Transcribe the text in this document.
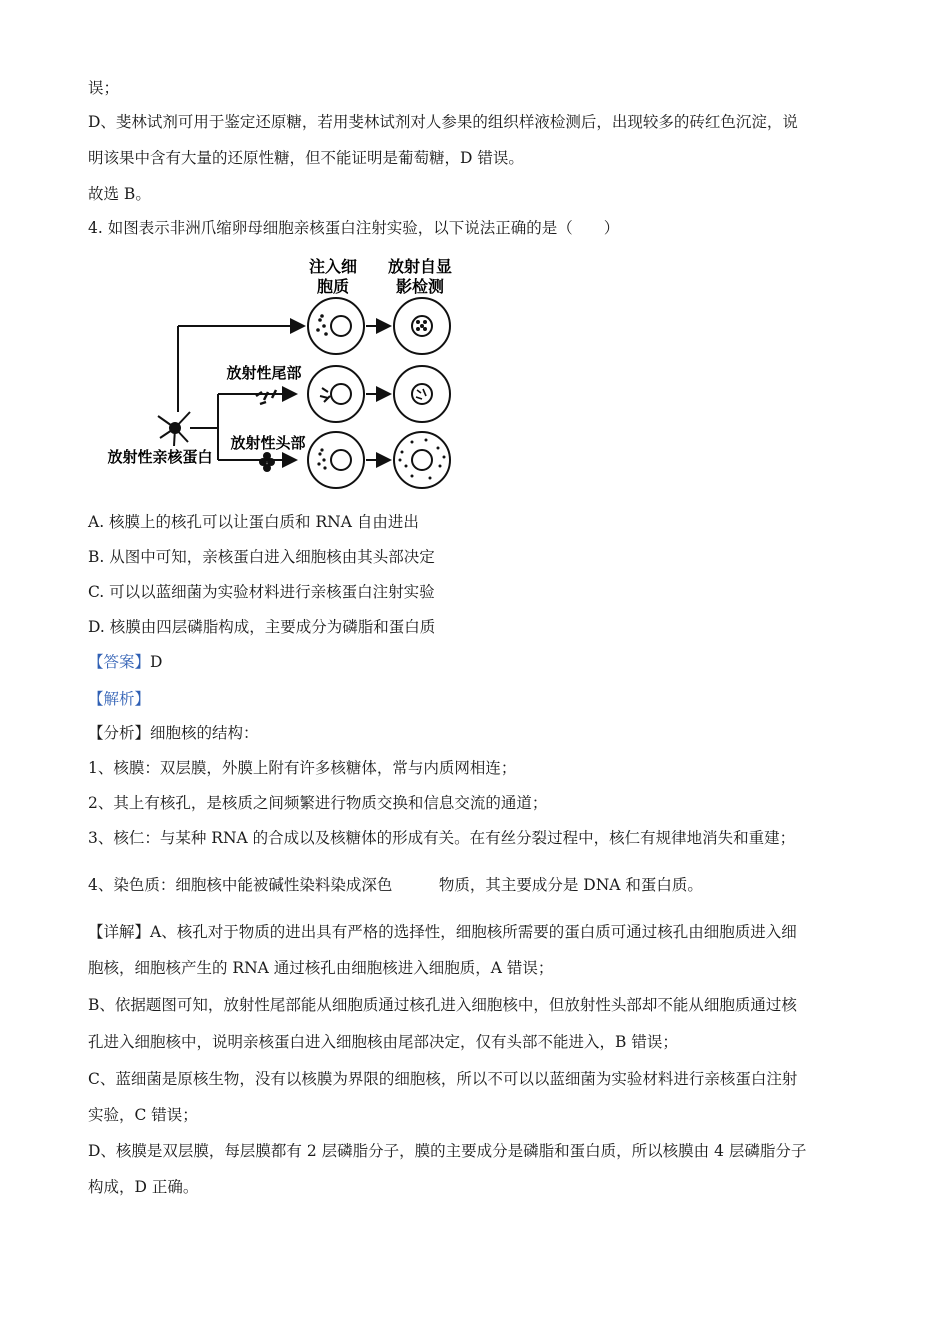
误；
D、斐林试剂可用于鉴定还原糖，若用斐林试剂对人参果的组织样液检测后，出现较多的砖红色沉淀，说
明该果中含有大量的还原性糖，但不能证明是葡萄糖，D 错误。
故选 B。
4. 如图表示非洲爪缩卵母细胞亲核蛋白注射实验，以下说法正确的是（　　）
注入细
胞质
放射自显
影检测
放射性亲核蛋白
放射性尾部
放射性头部
A. 核膜上的核孔可以让蛋白质和 RNA 自由进出
B. 从图中可知，亲核蛋白进入细胞核由其头部决定
C. 可以以蓝细菌为实验材料进行亲核蛋白注射实验
D. 核膜由四层磷脂构成，主要成分为磷脂和蛋白质
【答案】D
【解析】
【分析】细胞核的结构：
1、核膜：双层膜，外膜上附有许多核糖体，常与内质网相连；
2、其上有核孔，是核质之间频繁进行物质交换和信息交流的通道；
3、核仁：与某种 RNA 的合成以及核糖体的形成有关。在有丝分裂过程中，核仁有规律地消失和重建；
4、染色质：细胞核中能被碱性染料染成深色　　　物质，其主要成分是 DNA 和蛋白质。
【详解】A、核孔对于物质的进出具有严格的选择性，细胞核所需要的蛋白质可通过核孔由细胞质进入细
胞核，细胞核产生的 RNA 通过核孔由细胞核进入细胞质，A 错误；
B、依据题图可知，放射性尾部能从细胞质通过核孔进入细胞核中，但放射性头部却不能从细胞质通过核
孔进入细胞核中，说明亲核蛋白进入细胞核由尾部决定，仅有头部不能进入，B 错误；
C、蓝细菌是原核生物，没有以核膜为界限的细胞核，所以不可以以蓝细菌为实验材料进行亲核蛋白注射
实验，C 错误；
D、核膜是双层膜，每层膜都有 2 层磷脂分子，膜的主要成分是磷脂和蛋白质，所以核膜由 4 层磷脂分子
构成，D 正确。
